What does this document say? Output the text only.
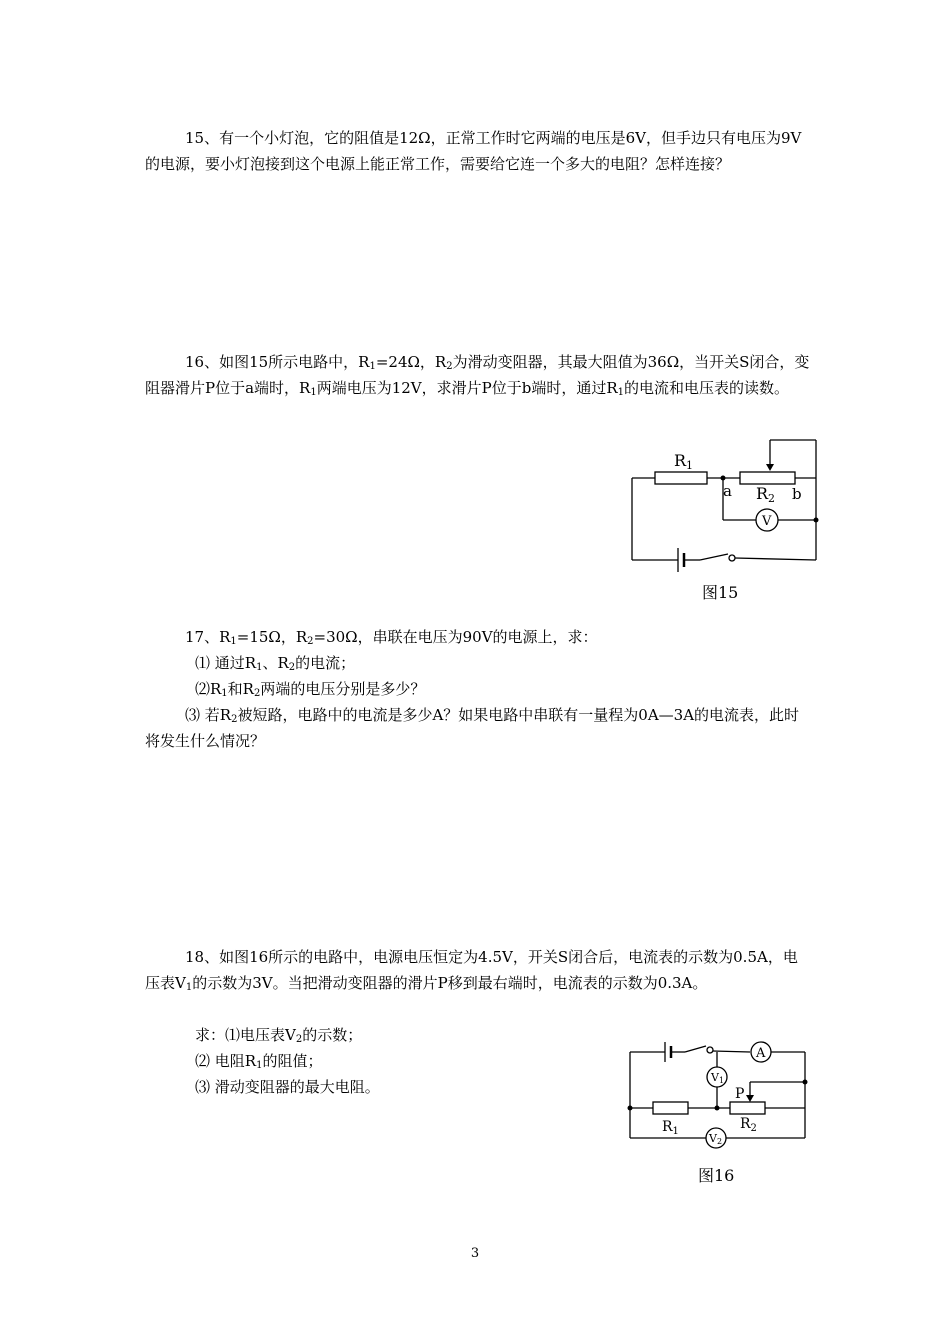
15、有一个小灯泡，它的阻值是12Ω，正常工作时它两端的电压是6V，但手边只有电压为9V的电源，要小灯泡接到这个电源上能正常工作，需要给它连一个多大的电阻？怎样连接？

16、如图15所示电路中，$R_1=24\Omega$，$R_2$为滑动变阻器，其最大阻值为36Ω，当开关S闭合，变阻器滑片P位于a端时，$R_1$两端电压为12V，求滑片P位于b端时，通过$R_1$的电流和电压表的读数。

R1
a R2 b
V
图15

17、$R_1=15\Omega$，$R_2=30\Omega$，串联在电压为90V的电源上，求：

⑴ 通过$R_1$、$R_2$的电流；

$⑵R_1$和$R_2$两端的电压分别是多少？

⑶ 若$R_2$被短路，电路中的电流是多少A？如果电路中串联有一量程为0A—3A的电流表，此时将发生什么情况？

18、如图16所示的电路中，电源电压恒定为4.5V，开关S闭合后，电流表的示数为0.5A，电压表$V_1$的示数为3V。当把滑动变阻器的滑片P移到最右端时，电流表的示数为0.3A。

求：⑴电压表$V_2$的示数；

⑵ 电阻$R_1$的阻值；

⑶ 滑动变阻器的最大电阻。

A
V1
P
$R_1$	$R_2$
V2
图16
3
